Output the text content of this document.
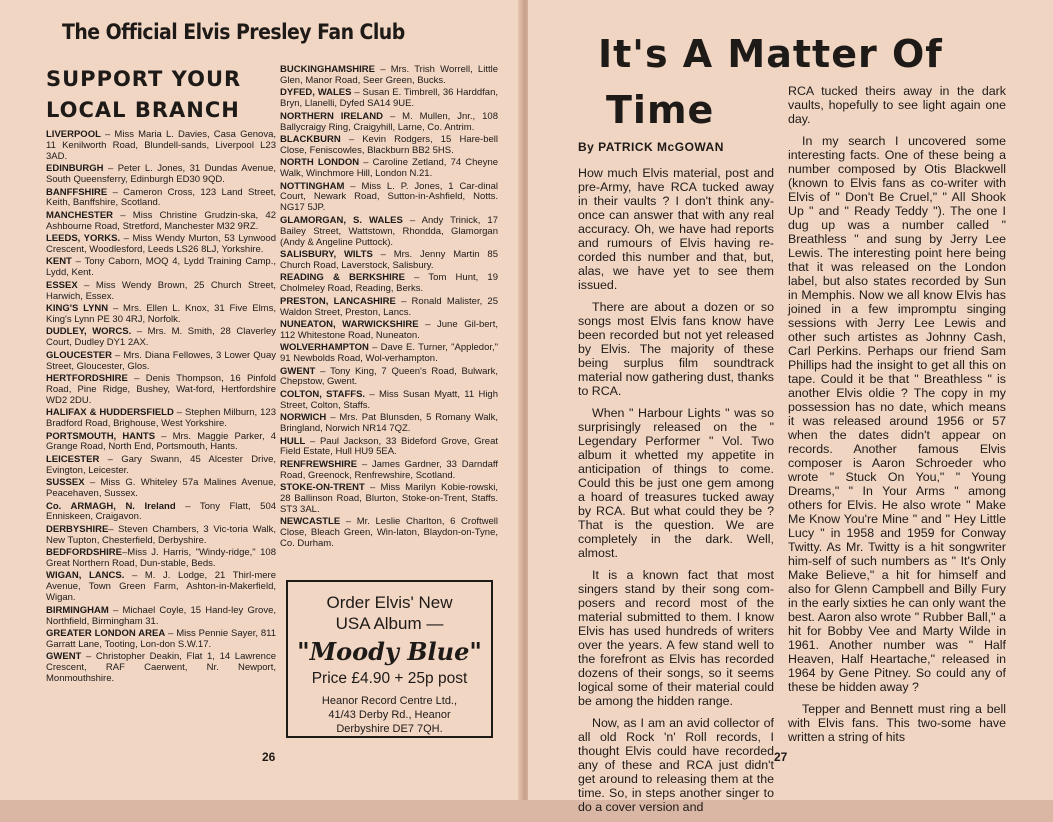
The Official Elvis Presley Fan Club
SUPPORT YOUR LOCAL BRANCH
LIVERPOOL – Miss Maria L. Davies, Casa Genova, 11 Kenilworth Road, Blundell-sands, Liverpool L23 3AD.
EDINBURGH – Peter L. Jones, 31 Dundas Avenue, South Queensferry, Edinburgh ED30 9QD.
BANFFSHIRE – Cameron Cross, 123 Land Street, Keith, Banffshire, Scotland.
MANCHESTER – Miss Christine Grudzin-ska, 42 Ashbourne Road, Stretford, Manchester M32 9RZ.
LEEDS, YORKS. – Miss Wendy Murton, 53 Lynwood Crescent, Woodlesford, Leeds LS26 8LJ, Yorkshire.
KENT – Tony Caborn, MOQ 4, Lydd Training Camp., Lydd, Kent.
ESSEX – Miss Wendy Brown, 25 Church Street, Harwich, Essex.
KING'S LYNN – Mrs. Ellen L. Knox, 31 Five Elms, King's Lynn PE 30 4RJ, Norfolk.
DUDLEY, WORCS. – Mrs. M. Smith, 28 Claverley Court, Dudley DY1 2AX.
GLOUCESTER – Mrs. Diana Fellowes, 3 Lower Quay Street, Gloucester, Glos.
HERTFORDSHIRE – Denis Thompson, 16 Pinfold Road, Pine Ridge, Bushey, Wat-ford, Hertfordshire WD2 2DU.
HALIFAX & HUDDERSFIELD – Stephen Milburn, 123 Bradford Road, Brighouse, West Yorkshire.
PORTSMOUTH, HANTS – Mrs. Maggie Parker, 4 Grange Road, North End, Portsmouth, Hants.
LEICESTER – Gary Swann, 45 Alcester Drive, Evington, Leicester.
SUSSEX – Miss G. Whiteley 57a Malines Avenue, Peacehaven, Sussex.
Co. ARMAGH, N. Ireland – Tony Flatt, 504 Enniskeen, Craigavon.
DERBYSHIRE– Steven Chambers, 3 Vic-toria Walk, New Tupton, Chesterfield, Derbyshire.
BEDFORDSHIRE–Miss J. Harris, "Windy-ridge," 108 Great Northern Road, Dun-stable, Beds.
WIGAN, LANCS. – M. J. Lodge, 21 Thirl-mere Avenue, Town Green Farm, Ashton-in-Makerfield, Wigan.
BIRMINGHAM – Michael Coyle, 15 Hand-ley Grove, Northfield, Birmingham 31.
GREATER LONDON AREA – Miss Pennie Sayer, 811 Garratt Lane, Tooting, Lon-don S.W.17.
GWENT – Christopher Deakin, Flat 1, 14 Lawrence Crescent, RAF Caerwent, Nr. Newport, Monmouthshire.
BUCKINGHAMSHIRE – Mrs. Trish Worrell, Little Glen, Manor Road, Seer Green, Bucks.
DYFED, WALES – Susan E. Timbrell, 36 Harddfan, Bryn, Llanelli, Dyfed SA14 9UE.
NORTHERN IRELAND – M. Mullen, Jnr., 108 Ballycraigy Ring, Craigyhill, Larne, Co. Antrim.
BLACKBURN – Kevin Rodgers, 15 Hare-bell Close, Feniscowles, Blackburn BB2 5HS.
NORTH LONDON – Caroline Zetland, 74 Cheyne Walk, Winchmore Hill, London N.21.
NOTTINGHAM – Miss L. P. Jones, 1 Car-dinal Court, Newark Road, Sutton-in-Ashfield, Notts. NG17 5JP.
GLAMORGAN, S. WALES – Andy Trinick, 17 Bailey Street, Wattstown, Rhondda, Glamorgan (Andy & Angeline Puttock).
SALISBURY, WILTS – Mrs. Jenny Martin 85 Church Road, Laverstock, Salisbury.
READING & BERKSHIRE – Tom Hunt, 19 Cholmeley Road, Reading, Berks.
PRESTON, LANCASHIRE – Ronald Malister, 25 Waldon Street, Preston, Lancs.
NUNEATON, WARWICKSHIRE – June Gil-bert, 112 Whitestone Road, Nuneaton.
WOLVERHAMPTON – Dave E. Turner, "Appledor," 91 Newbolds Road, Wol-verhampton.
GWENT – Tony King, 7 Queen's Road, Bulwark, Chepstow, Gwent.
COLTON, STAFFS. – Miss Susan Myatt, 11 High Street, Colton, Staffs.
NORWICH – Mrs. Pat Blunsden, 5 Romany Walk, Bringland, Norwich NR14 7QZ.
HULL – Paul Jackson, 33 Bideford Grove, Great Field Estate, Hull HU9 5EA.
RENFREWSHIRE – James Gardner, 33 Darndaff Road, Greenock, Renfrewshire, Scotland.
STOKE-ON-TRENT – Miss Marilyn Kobie-rowski, 28 Ballinson Road, Blurton, Stoke-on-Trent, Staffs. ST3 3AL.
NEWCASTLE – Mr. Leslie Charlton, 6 Croftwell Close, Bleach Green, Win-laton, Blaydon-on-Tyne, Co. Durham.
Order Elvis' New
USA Album —
"Moody Blue"
Price £4.90 + 25p post
Heanor Record Centre Ltd.,
41/43 Derby Rd., Heanor
Derbyshire DE7 7QH.
26
It's A Matter Of
Time
By PATRICK McGOWAN

How much Elvis material, post and pre-Army, have RCA tucked away in their vaults ? I don't think any-once can answer that with any real accuracy. Oh, we have had reports and rumours of Elvis having re-corded this number and that, but, alas, we have yet to see them issued.

There are about a dozen or so songs most Elvis fans know have been recorded but not yet released by Elvis. The majority of these being surplus film soundtrack material now gathering dust, thanks to RCA.

When " Harbour Lights " was so surprisingly released on the " Legendary Performer " Vol. Two album it whetted my appetite in anticipation of things to come. Could this be just one gem among a hoard of treasures tucked away by RCA. But what could they be ? That is the question. We are completely in the dark. Well, almost.

It is a known fact that most singers stand by their song com-posers and record most of the material submitted to them. I know Elvis has used hundreds of writers over the years. A few stand well to the forefront as Elvis has recorded dozens of their songs, so it seems logical some of their material could be among the hidden range.

Now, as I am an avid collector of all old Rock 'n' Roll records, I thought Elvis could have recorded any of these and RCA just didn't get around to releasing them at the time. So, in steps another singer to do a cover version and

RCA tucked theirs away in the dark vaults, hopefully to see light again one day.

In my search I uncovered some interesting facts. One of these being a number composed by Otis Blackwell (known to Elvis fans as co-writer with Elvis of " Don't Be Cruel," " All Shook Up " and " Ready Teddy "). The one I dug up was a number called " Breathless " and sung by Jerry Lee Lewis. The interesting point here being that it was released on the London label, but also states recorded by Sun in Memphis. Now we all know Elvis has joined in a few impromptu singing sessions with Jerry Lee Lewis and other such artistes as Johnny Cash, Carl Perkins. Perhaps our friend Sam Phillips had the insight to get all this on tape. Could it be that " Breathless " is another Elvis oldie ? The copy in my possession has no date, which means it was released around 1956 or 57 when the dates didn't appear on records. Another famous Elvis composer is Aaron Schroeder who wrote " Stuck On You," " Young Dreams," " In Your Arms " among others for Elvis. He also wrote " Make Me Know You're Mine " and " Hey Little Lucy " in 1958 and 1959 for Conway Twitty. As Mr. Twitty is a hit songwriter him-self of such numbers as " It's Only Make Believe," a hit for himself and also for Glenn Campbell and Billy Fury in the early sixties he can only want the best. Aaron also wrote " Rubber Ball," a hit for Bobby Vee and Marty Wilde in 1961. Another number was " Half Heaven, Half Heartache," released in 1964 by Gene Pitney. So could any of these be hidden away ?

Tepper and Bennett must ring a bell with Elvis fans. This two-some have written a string of hits

27
